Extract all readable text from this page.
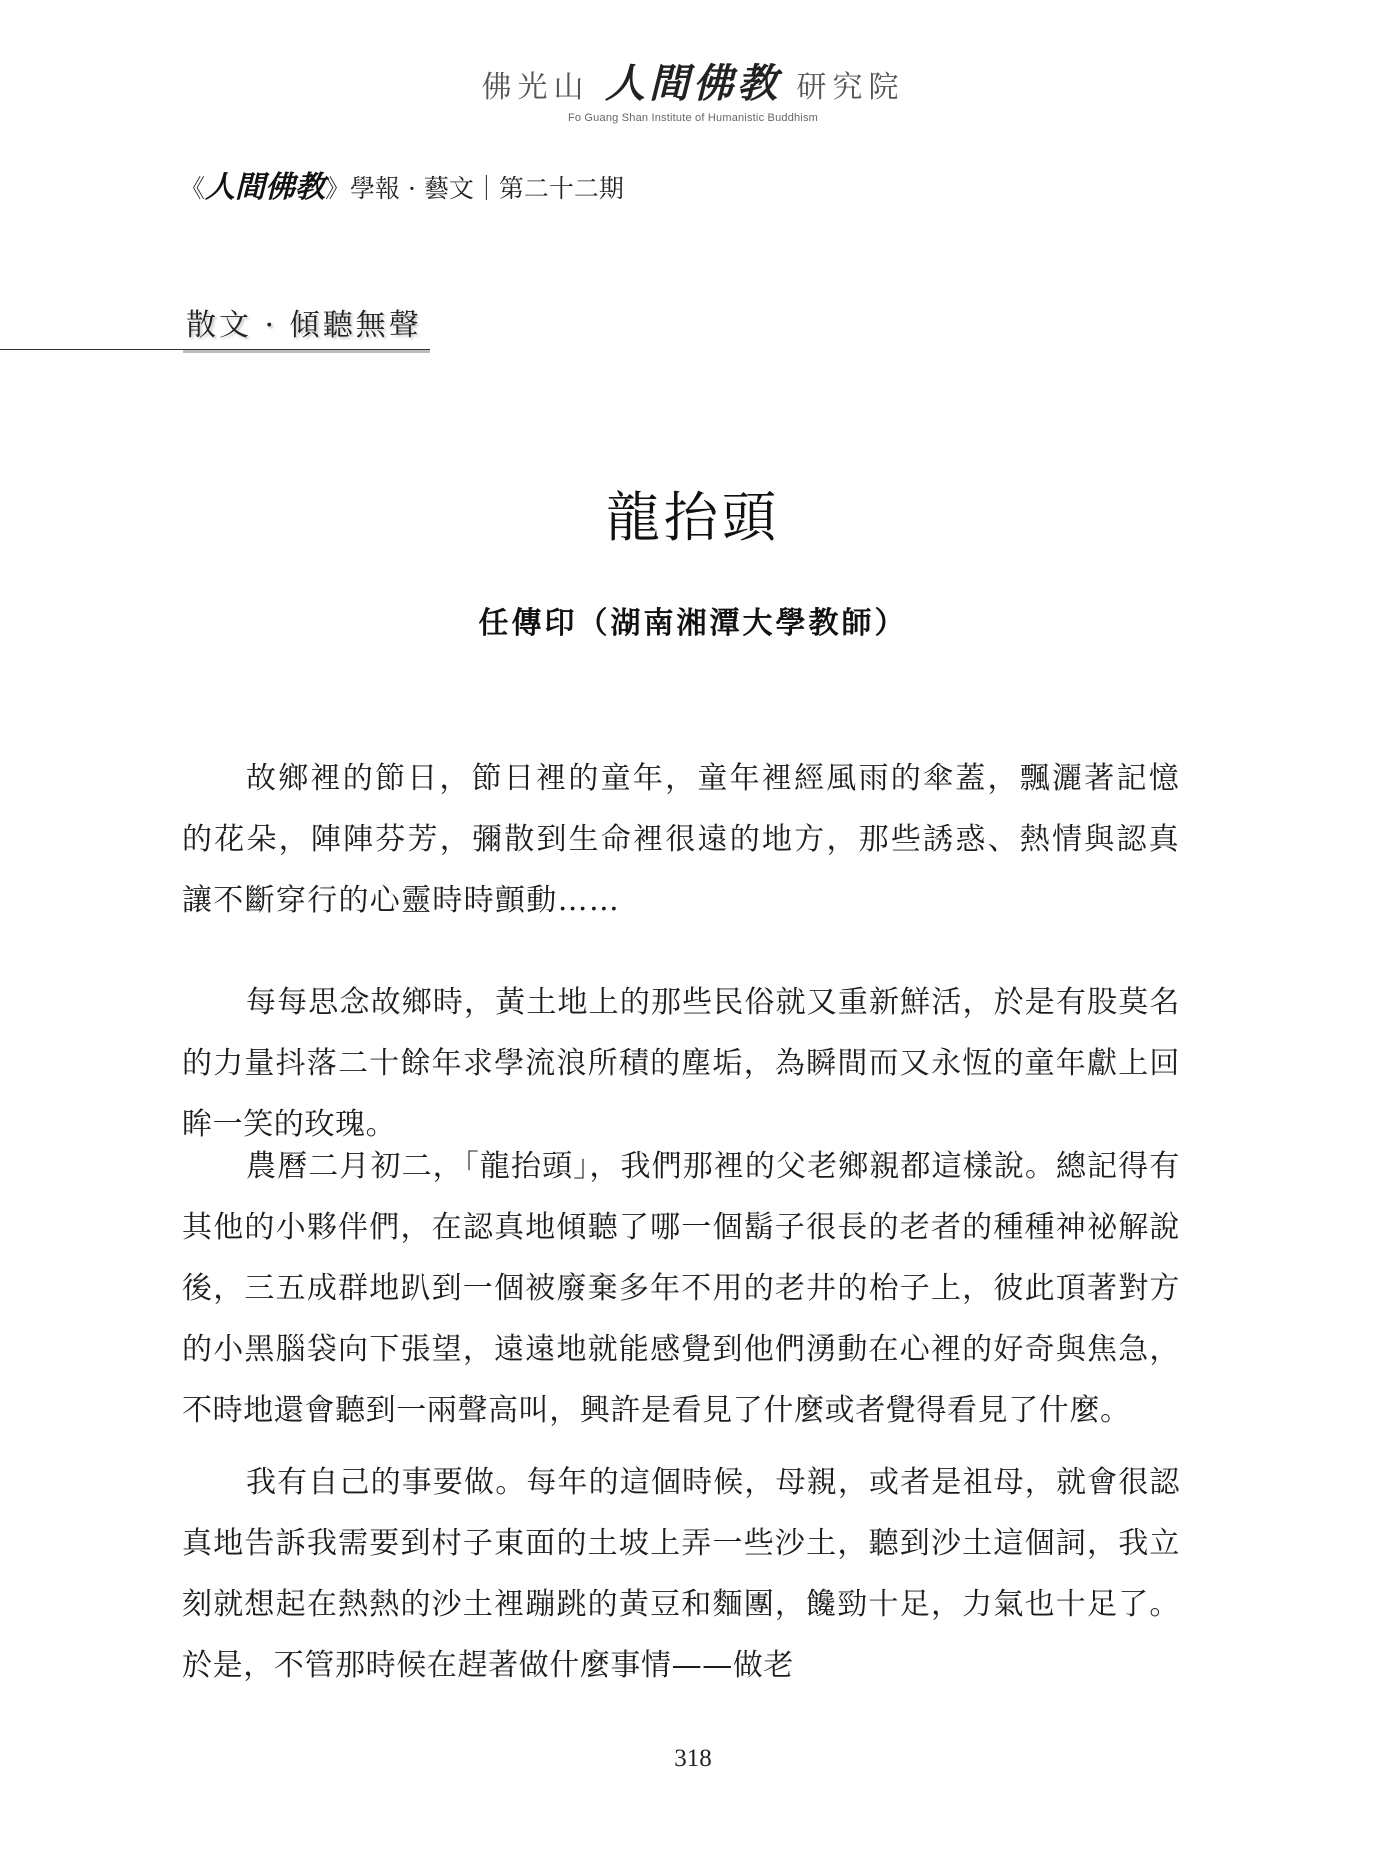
佛光山 人間佛教 研究院
Fo Guang Shan Institute of Humanistic Buddhism
《人間佛教》學報 · 藝文｜第二十二期
散文 · 傾聽無聲
龍抬頭
任傳印（湖南湘潭大學教師）

故鄉裡的節日，節日裡的童年，童年裡經風雨的傘蓋，飄灑著記憶的花朵，陣陣芬芳，彌散到生命裡很遠的地方，那些誘惑、熱情與認真讓不斷穿行的心靈時時顫動……

每每思念故鄉時，黃土地上的那些民俗就又重新鮮活，於是有股莫名的力量抖落二十餘年求學流浪所積的塵垢，為瞬間而又永恆的童年獻上回眸一笑的玫瑰。

農曆二月初二，「龍抬頭」，我們那裡的父老鄉親都這樣說。總記得有其他的小夥伴們，在認真地傾聽了哪一個鬍子很長的老者的種種神祕解說後，三五成群地趴到一個被廢棄多年不用的老井的枱子上，彼此頂著對方的小黑腦袋向下張望，遠遠地就能感覺到他們湧動在心裡的好奇與焦急，不時地還會聽到一兩聲高叫，興許是看見了什麼或者覺得看見了什麼。

我有自己的事要做。每年的這個時候，母親，或者是祖母，就會很認真地告訴我需要到村子東面的土坡上弄一些沙土，聽到沙土這個詞，我立刻就想起在熱熱的沙土裡蹦跳的黃豆和麵團，饞勁十足，力氣也十足了。於是，不管那時候在趕著做什麼事情——做老

318
